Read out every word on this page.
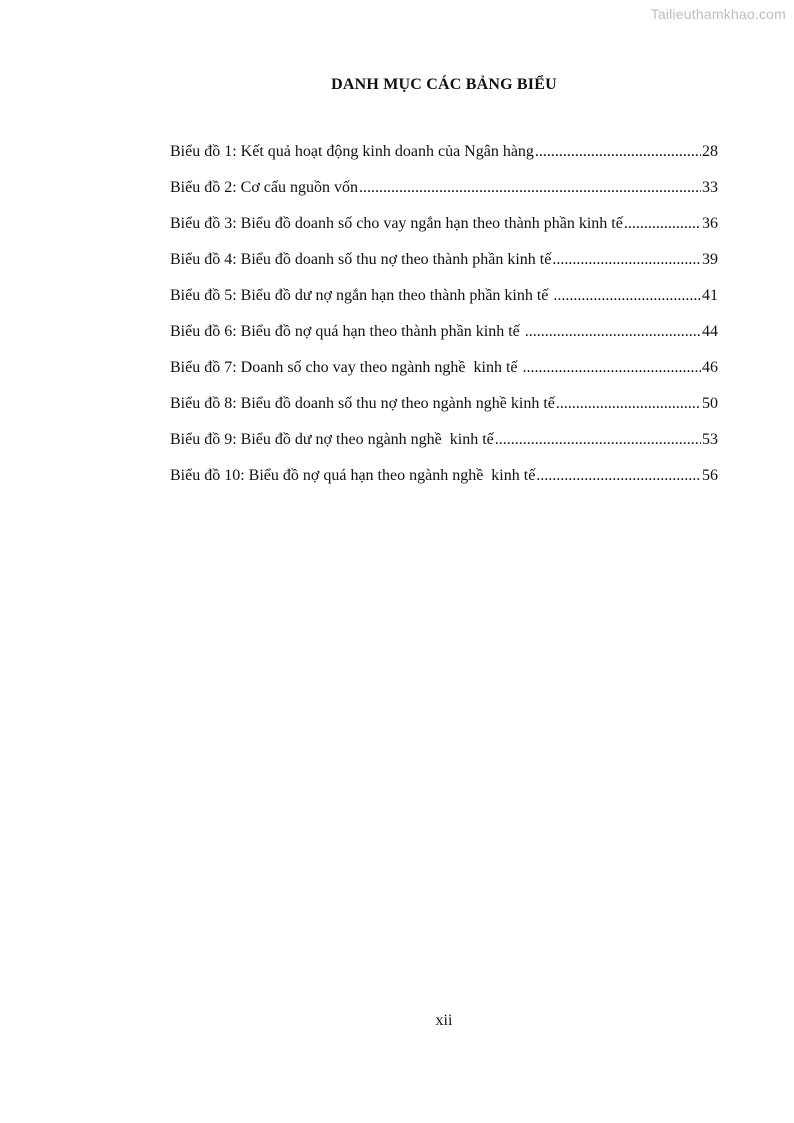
Tailieuthamkhao.com
DANH MỤC CÁC BẢNG BIỂU
Biểu đồ 1: Kết quả hoạt động kinh doanh của Ngân hàng .....	28
Biểu đồ 2: Cơ cấu nguồn vốn .....	33
Biểu đồ 3: Biểu đồ doanh số cho vay ngắn hạn theo thành phần kinh tế .....	36
Biểu đồ 4: Biểu đồ doanh số thu nợ theo thành phần kinh tế .....	39
Biểu đồ 5: Biểu đồ dư nợ ngắn hạn theo thành phần kinh tế .....	41
Biểu đồ 6: Biểu đồ nợ quá hạn theo thành phần kinh tế .....	44
Biểu đồ 7: Doanh số cho vay theo ngành nghề  kinh tế .....	46
Biểu đồ 8: Biểu đồ doanh số thu nợ theo ngành nghề kinh tế .....	50
Biểu đồ 9: Biểu đồ dư nợ theo ngành nghề  kinh tế .....	53
Biểu đồ 10: Biểu đồ nợ quá hạn theo ngành nghề  kinh tế .....	56
xii
